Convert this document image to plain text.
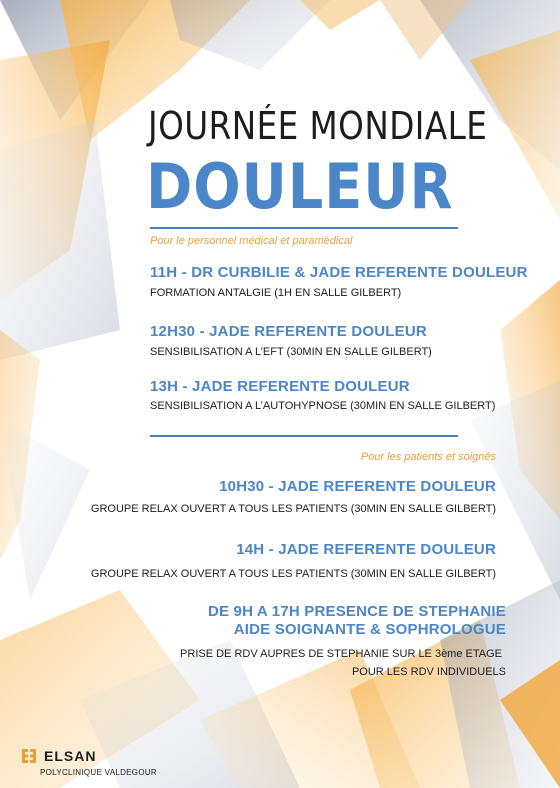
JOURNÉE MONDIALE
DOULEUR
Pour le personnel médical et paramédical
11H - DR CURBILIE & JADE REFERENTE DOULEUR
FORMATION ANTALGIE (1H EN SALLE GILBERT)
12H30 - JADE REFERENTE DOULEUR
SENSIBILISATION A L’EFT (30MIN EN SALLE GILBERT)
13H - JADE REFERENTE DOULEUR
SENSIBILISATION A L’AUTOHYPNOSE (30MIN EN SALLE GILBERT)
Pour les patients et soignés
10H30 - JADE REFERENTE DOULEUR
GROUPE RELAX OUVERT A TOUS LES PATIENTS (30MIN EN SALLE GILBERT)
14H - JADE REFERENTE DOULEUR
GROUPE RELAX OUVERT A TOUS LES PATIENTS (30MIN EN SALLE GILBERT)
DE 9H A 17H PRESENCE DE STEPHANIE
AIDE SOIGNANTE & SOPHROLOGUE
PRISE DE RDV AUPRES DE STEPHANIE SUR LE 3ème ETAGE
POUR LES RDV INDIVIDUELS
ELSAN
POLYCLINIQUE VALDEGOUR
